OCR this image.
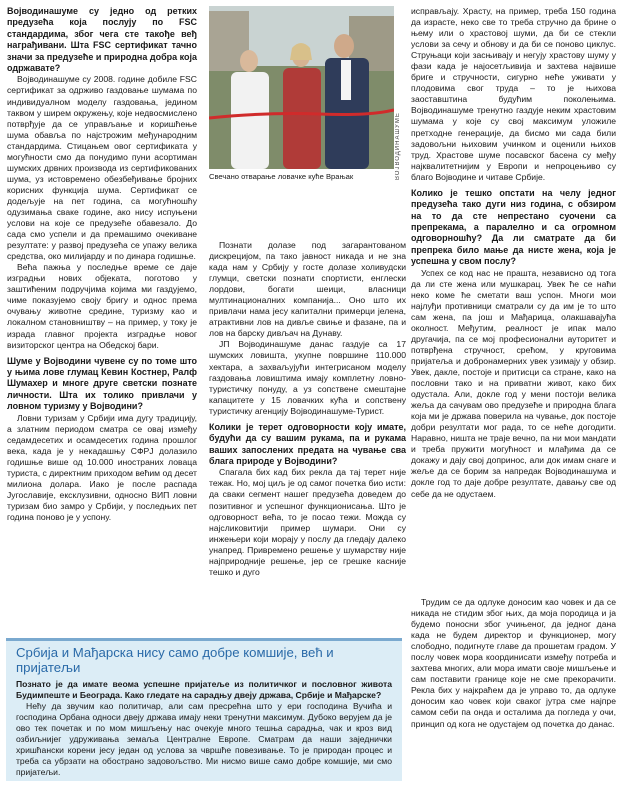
Војводинашуме су једно од ретких предузећа која послују по FSC стандардима, због чега сте такође веђ награђивани. Шта FSC сертификат тачно значи за предузеће и природна добра која одржавате?

Војводинашуме су 2008. године добиле FSC сертификат за одрживо газдовање шумама по индивидуалном моделу газдовања, једином таквом у ширем окружењу, које недвосмислено потврђује да се управљање и коришћење шума обавља по најстрожим међународним стандардима. Стицањем овог сертификата у могућности смо да понудимо пуни асортиман шумских дрвних производа из сертификованих шума, уз истовремено обезбеђивање бројних корисних функција шума. Сертификат се додељује на пет година, са могућношћу одузимања сваке године, ако нису испуњени услови на које се предузеће обавезало. До сада смо успели и да премашимо очекиване резултате: у развој предузећа се упажу велика средства, око милијарду и по динара годишње.

Већа пажња у последње време се даје изградњи нових објеката, поготово у заштићеним подручјима којима ми газдујемо, чиме показујемо своју бригу и однос према очувању животне средине, туризму као и локалном становништву – на пример, у току је израда главног пројекта изградње новог визиторског центра на Обедској бари.

Шуме у Војводини чувене су по томе што у њима лове глумац Кевин Костнер, Ралф Шумахер и многе друге светски познате личности. Шта их толико привлачи у ловном туризму у Војводини?

Ловни туризам у Србији има дугу традицију, а златним периодом сматра се овај између седамдесетих и осамдесетих година прошлог века, када је у некадашњу СФРЈ долазило годишње више од 10.000 иностраних ловаца туриста, с директним приходом већим од десет милиона долара. Иако је после распада Југославије, ексклузивни, односно ВИП ловни туризам био замро у Србији, у последњих пет година поново је у успону.

ВОЈВОДИНАШУМЕ
Свечано отварање ловачке куће Врањак

Познати долазе под загарантованом дискрецијом, па тако јавност никада и не зна када нам у Србију у госте долазе холивудски глумци, светски познати спортисти, енглески лордови, богати шеици, власници мултинационалних компанија... Оно што их привлачи нама јесу капитални примерци јелена, атрактивни лов на дивље свиње и фазане, па и лов на барску дивљач на Дунаву.

ЈП Војводинашуме данас газдује са 17 шумских ловишта, укупне површине 110.000 хектара, а захваљујући интегрисаном моделу газдовања ловиштима имају комплетну ловно-туристичку понуду, а уз сопствене смештајне капацитете у 15 ловачких кућа и сопствену туристичку агенцију Војводинашуме-Турист.

Колики је терет одговорности коју имате, будући да су вашим рукама, па и рукама ваших запослених предата на чување сва блага природе у Војводини?

Спагала бих кад бих рекла да тај терет није тежак. Но, мој циљ је од самог почетка био исти: да сваки сегмент нашег предузећа доведем до позитивног и успешног функционисања. Што је одговорност већа, то је посао тежи. Можда су најсликовитији пример шумари. Они су инжењери који морају у послу да гледају далеко унапред. Привремено решење у шумарству није најприродније решење, јер се грешке касније тешко и дуго

исправљају. Храсту, на пример, треба 150 година да израсте, неко све то треба стручно да брине о њему или о храстовој шуми, да би се стекли услови за сечу и обнову и да би се поново циклус. Струњаци који засњивају и негују храстову шуму у фази када је најосетљивија и захтева највише бриге и стручности, сигурно неће уживати у плодовима свог труда – то је њихова заоставштина будућим поколењима. Војводинашуме тренутно газдује неким храстовим шумама у које су свој максимум уложиле претходне генерације, да бисмо ми сада били задовољни њиховим учинком и оценили њихов труд. Храстове шуме посавског басена су међу најквалитетнијим у Европи и непроцењиво су благо Војводине и читаве Србије.

Колико је тешко опстати на челу једног предузећа тако дуги низ година, с обзиром на то да сте непрестано суочени са препрекама, а паралелно и са огромном одговорношћу? Да ли сматрате да би препрека било мање да нисте жена, која је успешна у свом послу?

Успех се код нас не прашта, независно од тога да ли сте жена или мушкарац. Увек ће се наћи неко коме ће сметати ваш успон. Многи мои најлуђи противници сматрали су да им је то што сам жена, па још и Мађарица, олакшавајућа околност. Међутим, реалност је ипак мало другачија, па се мој професионални ауторитет и потврђена стручност, срећом, у круговима пријатеља и добронамерних увек узимају у обзир. Увек, дакле, постоје и притисци са стране, како на пословни тако и на приватни живот, како бих одустала. Али, докле год у мени постоји велика жеља да сачувам ово предузеће и природна блага која ми је држава поверила на чување, док постоје добри резултати мог рада, то се неће догодити. Наравно, ништа не траје вечно, па ни мои мандати и треба пружити могућност и млађима да се докажу и дају свој допринос, али док имам снаге и жеље да се борим за напредак Војводинашума и докле год то даје добре резултате, давању све од себе да не одустаем.

Трудим се да одлуке доносим као човек и да се никада не стидим због њих, да моја породица и ја будемо поносни због учињеног, да једног дана када не будем директор и функционер, могу слободно, подигнуте главе да прошетам градом. У послу човек мора координисати између потреба и захтева многих, али мора имати своје мишљење и сам поставити границе које не сме прекорачити. Рекла бих у најкраћем да је управо то, да одлуке доносим као човек који сваког јутра сме најпре самом себи па онда и осталима да погледа у очи, принцип од кога не одустајем од почетка до данас.

Србија и Мађарска нису само добре комшије, већ и пријатељи

Познато је да имате веома успешне пријатеље из политичког и пословног живота Будимпеште и Београда. Како гледате на сарадњу двеју држава, Србије и Мађарске?

Нећу да звучим као политичар, али сам пресрећна што у ери господина Вучића и господина Орбана односи двеју држава имају неки тренутни максимум. Дубоко верујем да је ово тек почетак и по мом мишљењу нас очекује много тешња сарадња, чак и кроз вид озбиљнијег удруживања земаља Централне Европе. Сматрам да наши заједнички хришћански корени јесу један од услова за чвршће повезивање. То је природан процес и треба са убрзати на обострано задовољство. Ми нисмо више само добре комшије, ми смо пријатељи.
